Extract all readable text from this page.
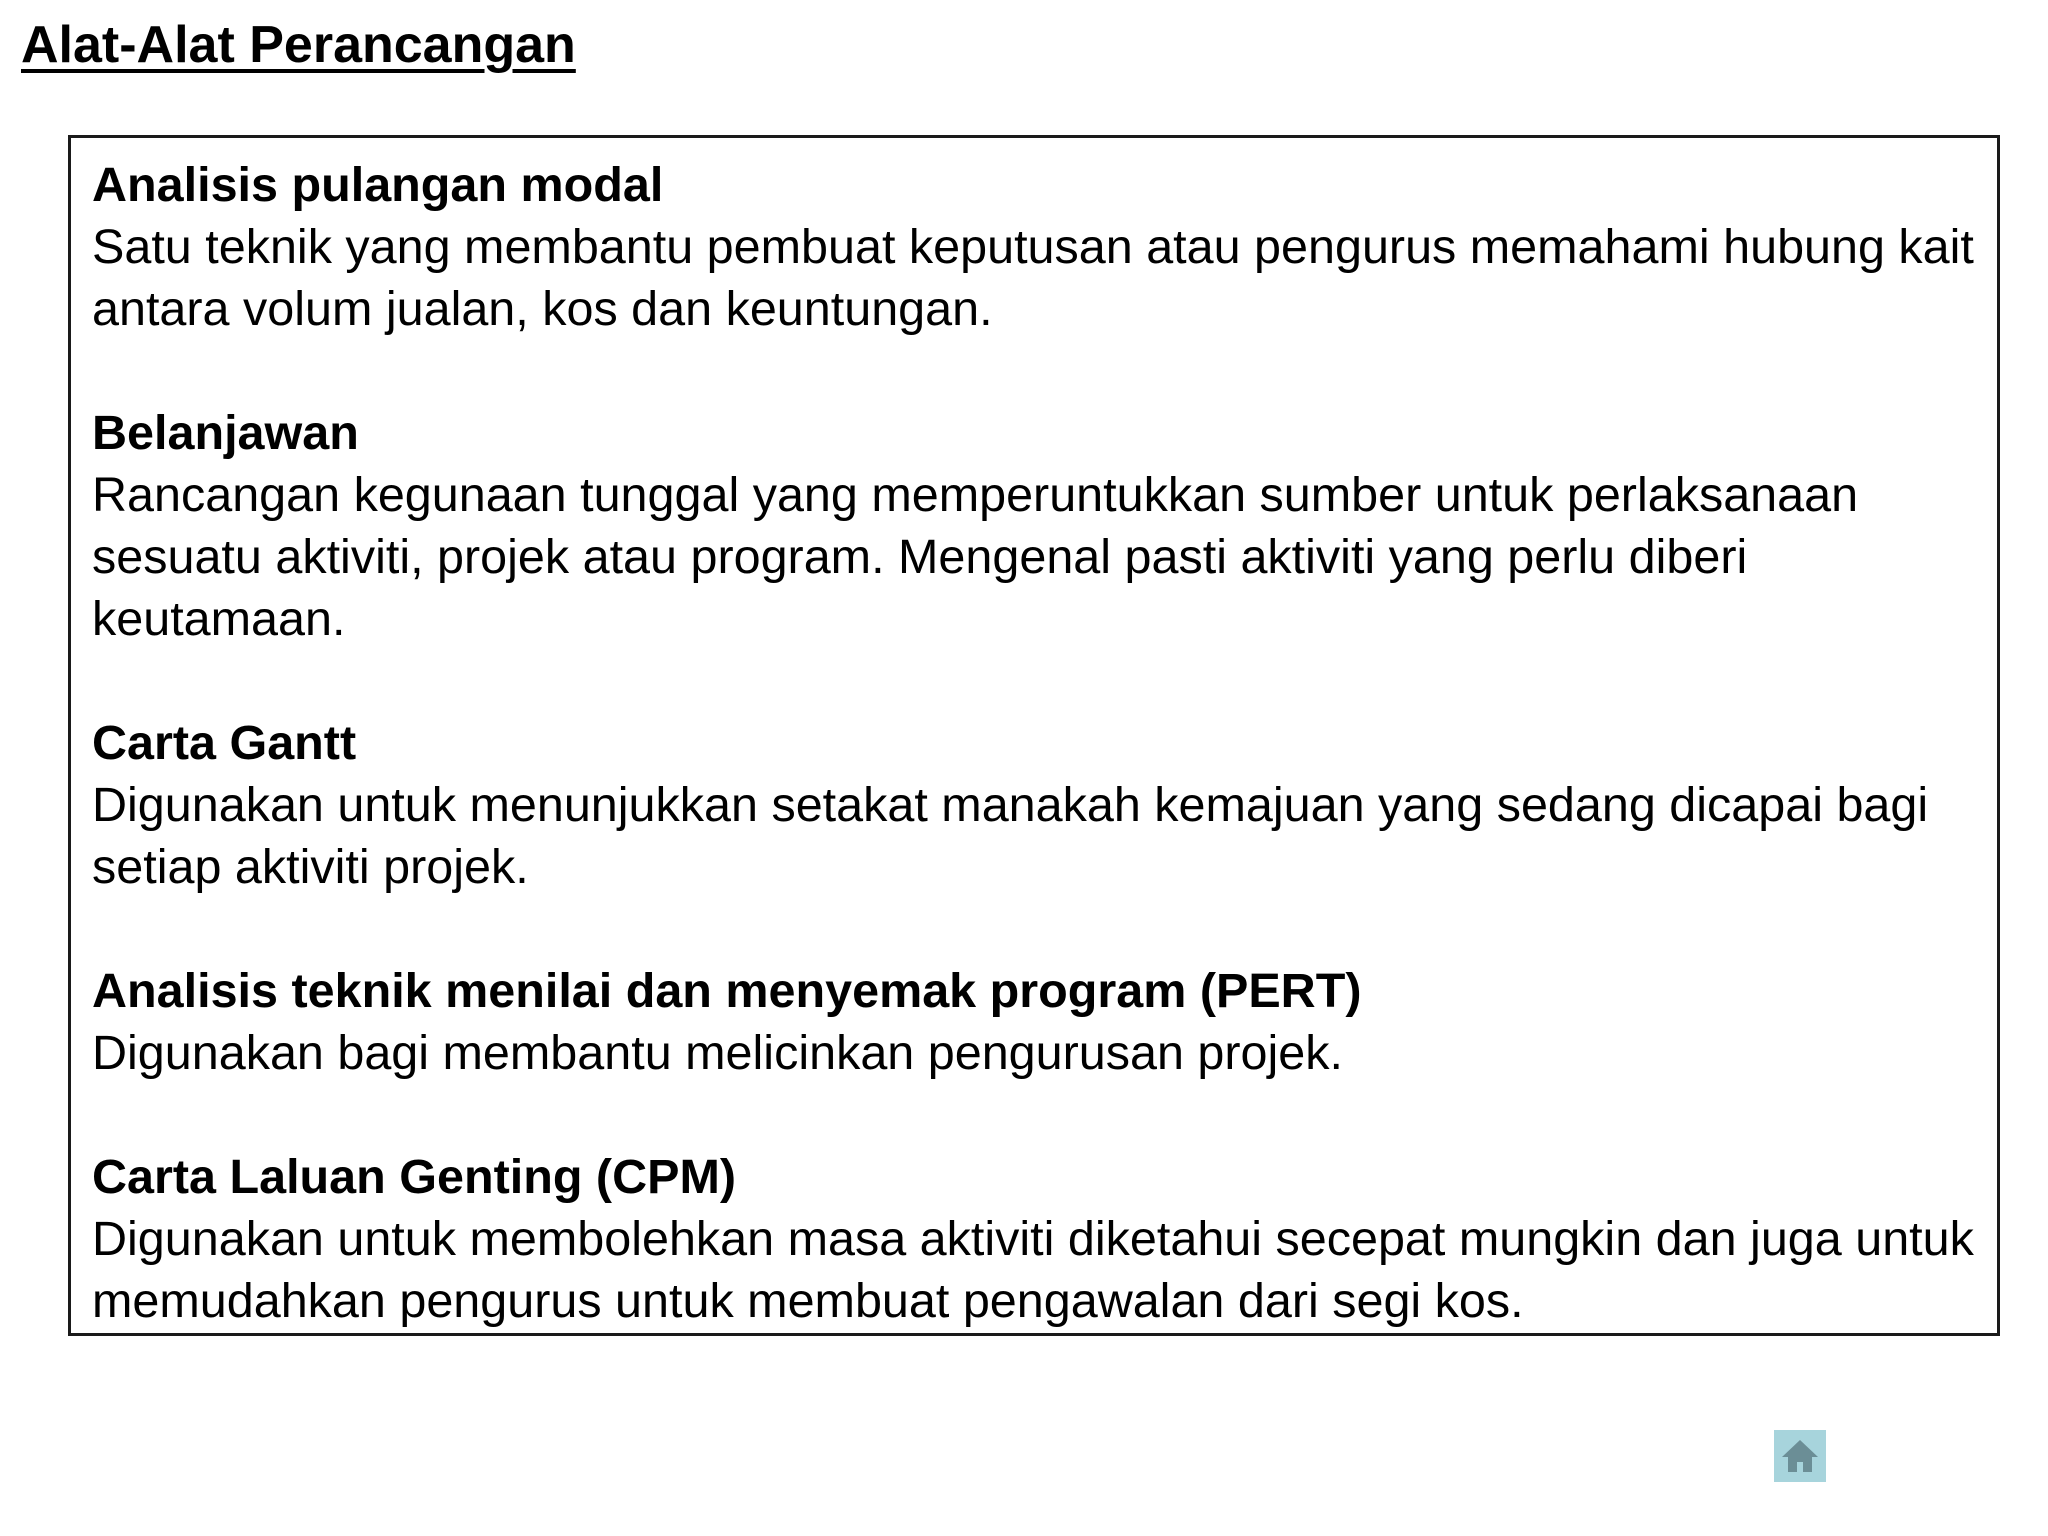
Alat-Alat Perancangan
Analisis pulangan modal
Satu teknik yang membantu pembuat keputusan atau pengurus memahami hubung kait antara volum jualan, kos dan keuntungan.
Belanjawan
Rancangan kegunaan tunggal yang memperuntukkan sumber untuk perlaksanaan sesuatu aktiviti, projek atau program. Mengenal pasti aktiviti yang perlu diberi keutamaan.
Carta Gantt
Digunakan untuk menunjukkan setakat manakah kemajuan yang sedang dicapai bagi setiap aktiviti projek.
Analisis teknik menilai dan menyemak program (PERT)
Digunakan bagi membantu melicinkan pengurusan projek.
Carta Laluan Genting (CPM)
Digunakan untuk membolehkan masa aktiviti diketahui secepat mungkin dan juga untuk memudahkan pengurus untuk membuat pengawalan dari segi kos.
